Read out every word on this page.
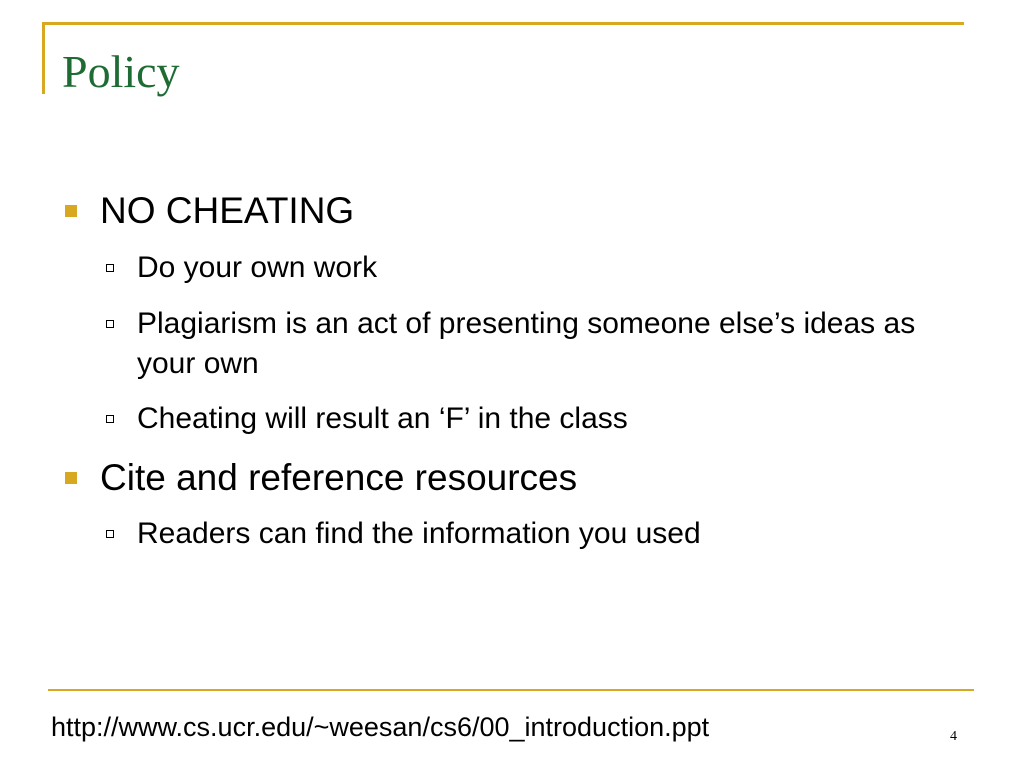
Policy
NO CHEATING
Do your own work
Plagiarism is an act of presenting someone else’s ideas as your own
Cheating will result an ‘F’ in the class
Cite and reference resources
Readers can find the information you used
http://www.cs.ucr.edu/~weesan/cs6/00_introduction.ppt	4
